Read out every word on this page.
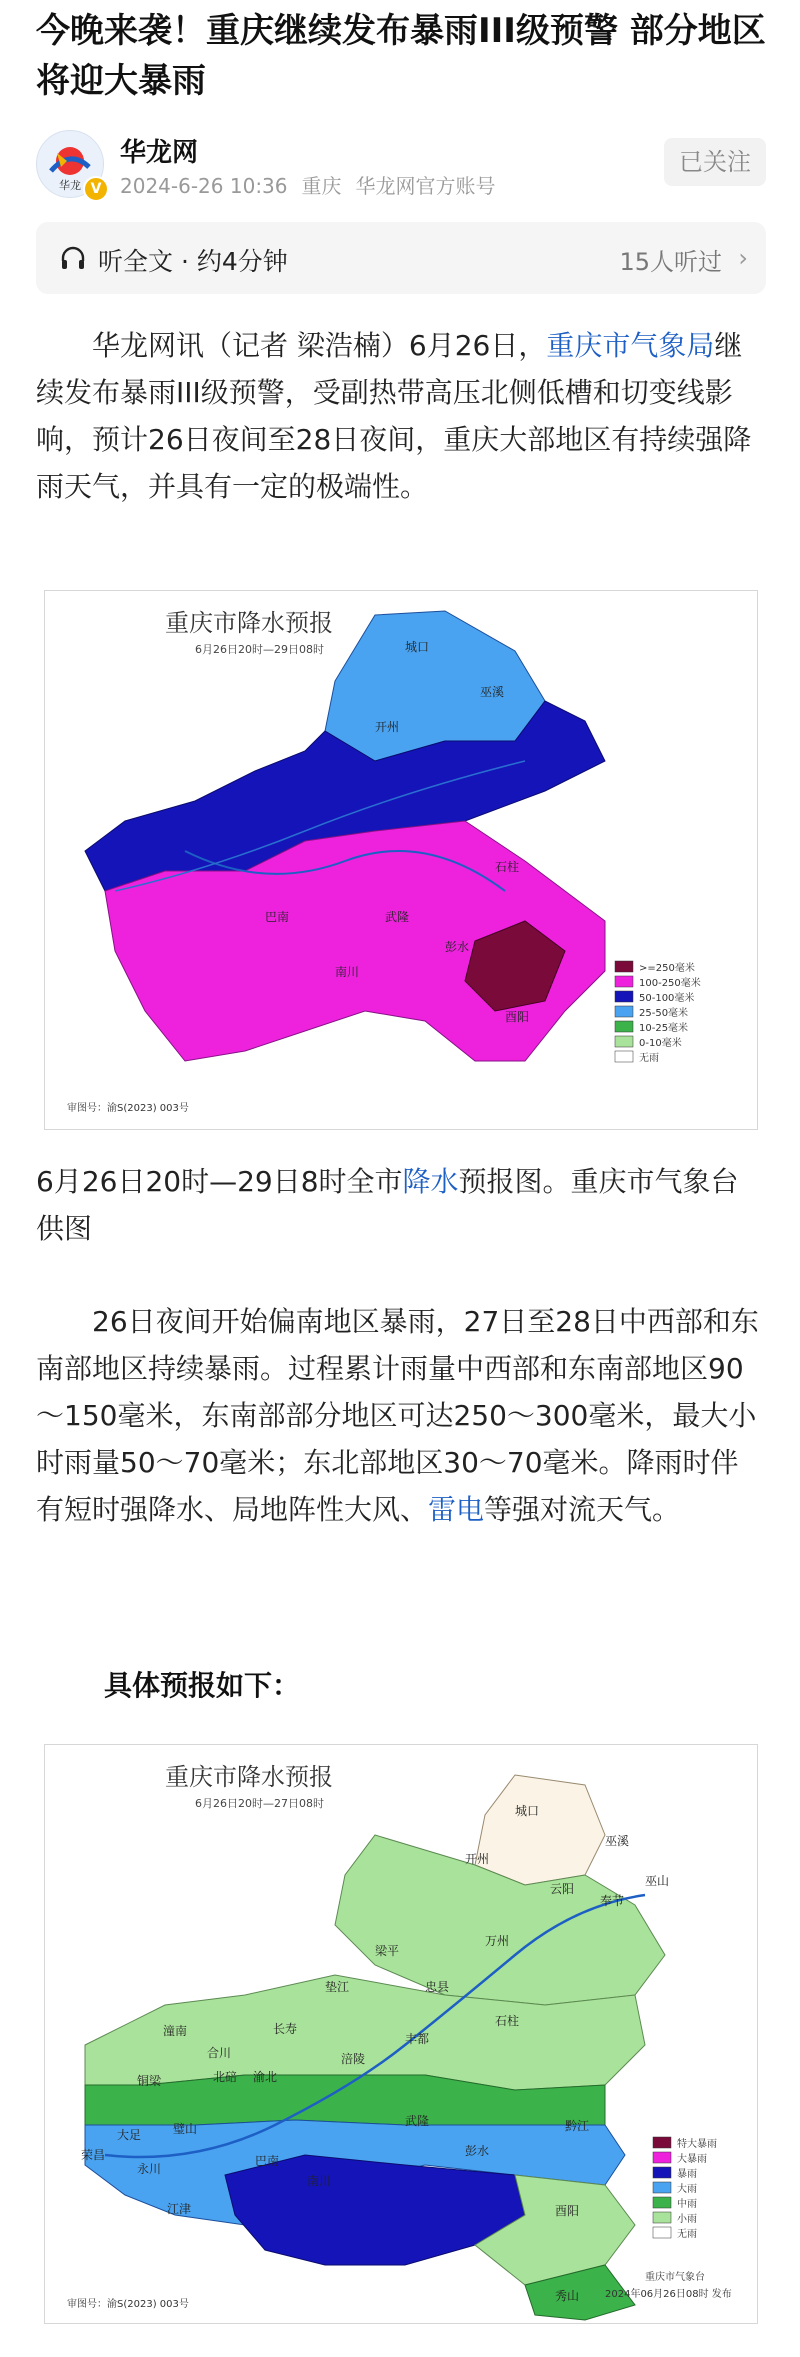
今晚来袭！重庆继续发布暴雨III级预警 部分地区将迎大暴雨
华龙 V
华龙网
2024-6-26 10:36 重庆 华龙网官方账号
已关注
听全文 · 约4分钟	15人听过 ›

华龙网讯（记者 梁浩楠）6月26日，重庆市气象局继续发布暴雨III级预警，受副热带高压北侧低槽和切变线影响，预计26日夜间至28日夜间，重庆大部地区有持续强降雨天气，并具有一定的极端性。

重庆市降水预报
6月26日20时—29日08时	城口
巫溪
开州
石柱
巴南
南川
武隆
彭水
酉阳
>=250毫米
100-250毫米
50-100毫米
25-50毫米
10-25毫米
0-10毫米
无雨
审图号：渝S(2023) 003号

6月26日20时—29日8时全市降水预报图。重庆市气象台供图

26日夜间开始偏南地区暴雨，27日至28日中西部和东南部地区持续暴雨。过程累计雨量中西部和东南部地区90～150毫米，东南部部分地区可达250～300毫米，最大小时雨量50～70毫米；东北部地区30～70毫米。降雨时伴有短时强降水、局地阵性大风、雷电等强对流天气。

具体预报如下：
重庆市降水预报
6月26日20时—27日08时
城口
巫溪
开州
巫山
云阳
奉节
梁平
万州
垫江	忠县
石柱
长寿
涪陵
丰都
潼南
合川
北碚 渝北
铜梁
大足	璧山
荣昌
永川
江津
巴南
南川
武隆
彭水
黔江
酉阳
秀山
特大暴雨
大暴雨
暴雨
大雨
中雨
小雨
无雨
重庆市气象台
2024年06月26日08时 发布
审图号：渝S(2023) 003号
